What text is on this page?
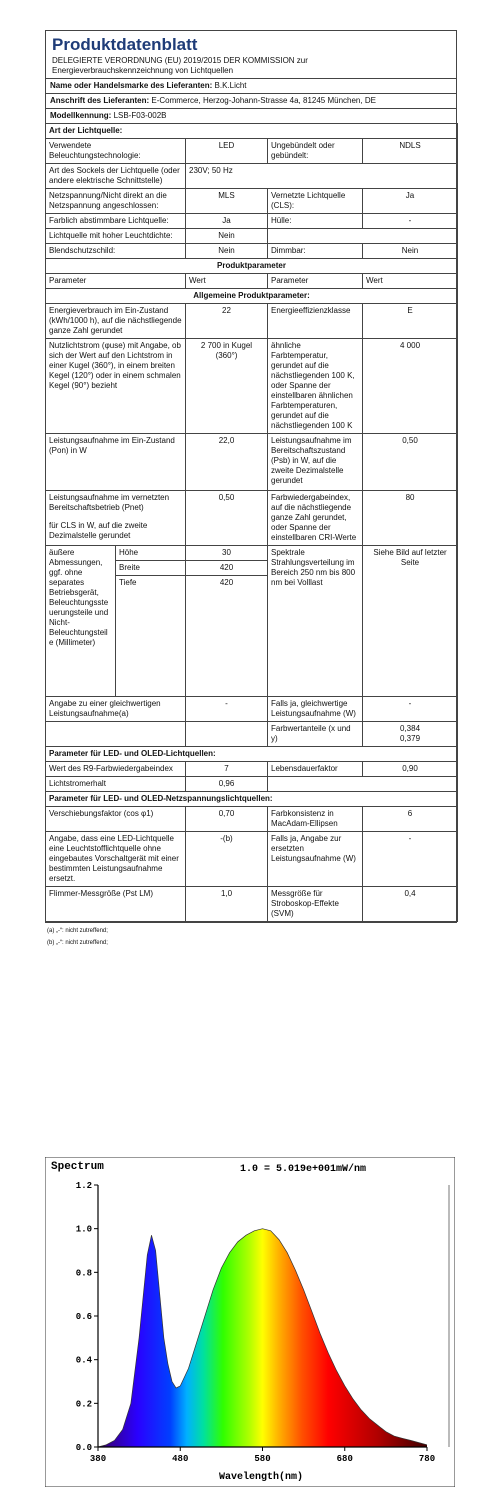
Produktdatenblatt
DELEGIERTE VERORDNUNG (EU) 2019/2015 DER KOMMISSION zur
Energieverbrauchskennzeichnung von Lichtquellen
Name oder Handelsmarke des Lieferanten: B.K.Licht
Anschrift des Lieferanten: E-Commerce, Herzog-Johann-Strasse 4a, 81245 München, DE
Modellkennung: LSB-F03-002B
Art der Lichtquelle:				
Verwendete Beleuchtungstechnologie:		LED	Ungebündelt oder gebündelt:	NDLS
Art des Sockels der Lichtquelle (oder andere elektrische Schnittstelle)		230V; 50 Hz		
Netzspannung/Nicht direkt an die Netzspannung angeschlossen:		MLS	Vernetzte Lichtquelle (CLS):	Ja
Farblich abstimmbare Lichtquelle:		Ja	Hülle:	-
Lichtquelle mit hoher Leuchtdichte:		Nein		
Blendschutzschild:		Nein	Dimmbar:	Nein
Produktparameter				
Parameter		Wert	Parameter	Wert
Allgemeine Produktparameter:				
Energieverbrauch im Ein-Zustand (kWh/1000 h), auf die nächstliegende ganze Zahl gerundet		22	Energieeffizienzklasse	E
Nutzlichtstrom (φuse) mit Angabe, ob sich der Wert auf den Lichtstrom in einer Kugel (360°), in einem breiten Kegel (120°) oder in einem schmalen Kegel (90°) bezieht		2 700 in Kugel (360°)	ähnliche Farbtemperatur, gerundet auf die nächstliegenden 100 K, oder Spanne der einstellbaren ähnlichen Farbtemperaturen, gerundet auf die nächstliegenden 100 K	4 000
Leistungsaufnahme im Ein-Zustand (Pon) in W		22,0	Leistungsaufnahme im Bereitschaftszustand (Psb) in W, auf die zweite Dezimalstelle gerundet	0,50

Leistungsaufnahme im vernetzten Bereitschaftsbetrieb (Pnet)
für CLS in W, auf die zweite Dezimalstelle gerundet		0,50	Farbwiedergabeindex, auf die nächstliegende ganze Zahl gerundet, oder Spanne der einstellbaren CRI-Werte	80
äußere Abmessungen, ggf. ohne separates Betriebsgerät, Beleuchtungssteuerungsteile und Nicht-Beleuchtungsteile (Millimeter)	Höhe	30	Spektrale Strahlungsverteilung im Bereich 250 nm bis 800 nm bei Volllast	Siehe Bild auf letzter Seite
	Breite	420		
	Tiefe	420		
Angabe zu einer gleichwertigen Leistungsaufnahme(a)		-	Falls ja, gleichwertige Leistungsaufnahme (W)	-
			Farbwertanteile (x und y)	0,384
0,379

Parameter für LED- und OLED-Lichtquellen:				
Wert des R9-Farbwiedergabeindex		7	Lebensdauerfaktor	0,90
Lichtstromerhalt		0,96		
Parameter für LED- und OLED-Netzspannungslichtquellen:				
Verschiebungsfaktor (cos φ1)		0,70	Farbkonsistenz in MacAdam-Ellipsen	6
Angabe, dass eine LED-Lichtquelle eine Leuchtstofflichtquelle ohne eingebautes Vorschaltgerät mit einer bestimmten Leistungsaufnahme ersetzt.		-(b)	Falls ja, Angabe zur ersetzten Leistungsaufnahme (W)	-
Flimmer-Messgröße (Pst LM)		1,0	Messgröße für Stroboskop-Effekte (SVM)	0,4
(a) „-“: nicht zutreffend;
(b) „-“: nicht zutreffend;
Spectrum	1.0 = 5.019e+001mW/nm
0.0
0.2
0.4
0.6
0.8
1.0
1.2
380	480	580	680	780
Wavelength(nm)
